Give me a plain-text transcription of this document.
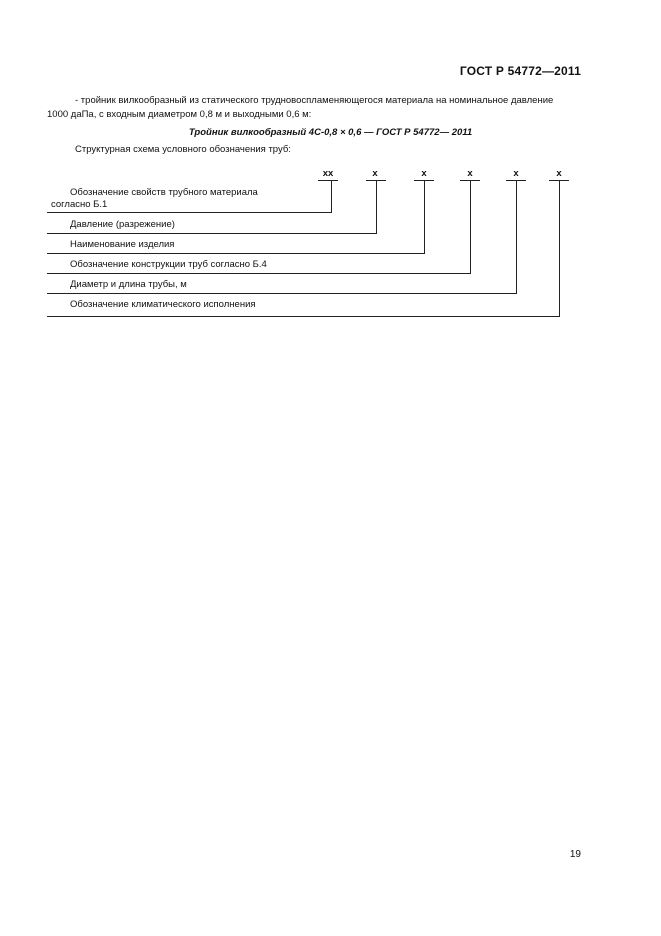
ГОСТ Р 54772—2011
- тройник вилкообразный из статического трудновоспламеняющегося материала на номинальное давление
1000 даПа, с входным диаметром 0,8 м и выходными 0,6 м:
Тройник вилкообразный 4С-0,8 × 0,6 — ГОСТ Р 54772— 2011
Структурная схема условного обозначения труб:
хх	х	х	х	х	х
Обозначение свойств трубного материала
согласно Б.1
Давление (разрежение)
Наименование изделия
Обозначение конструкции труб согласно Б.4
Диаметр и длина трубы, м
Обозначение климатического исполнения
19
